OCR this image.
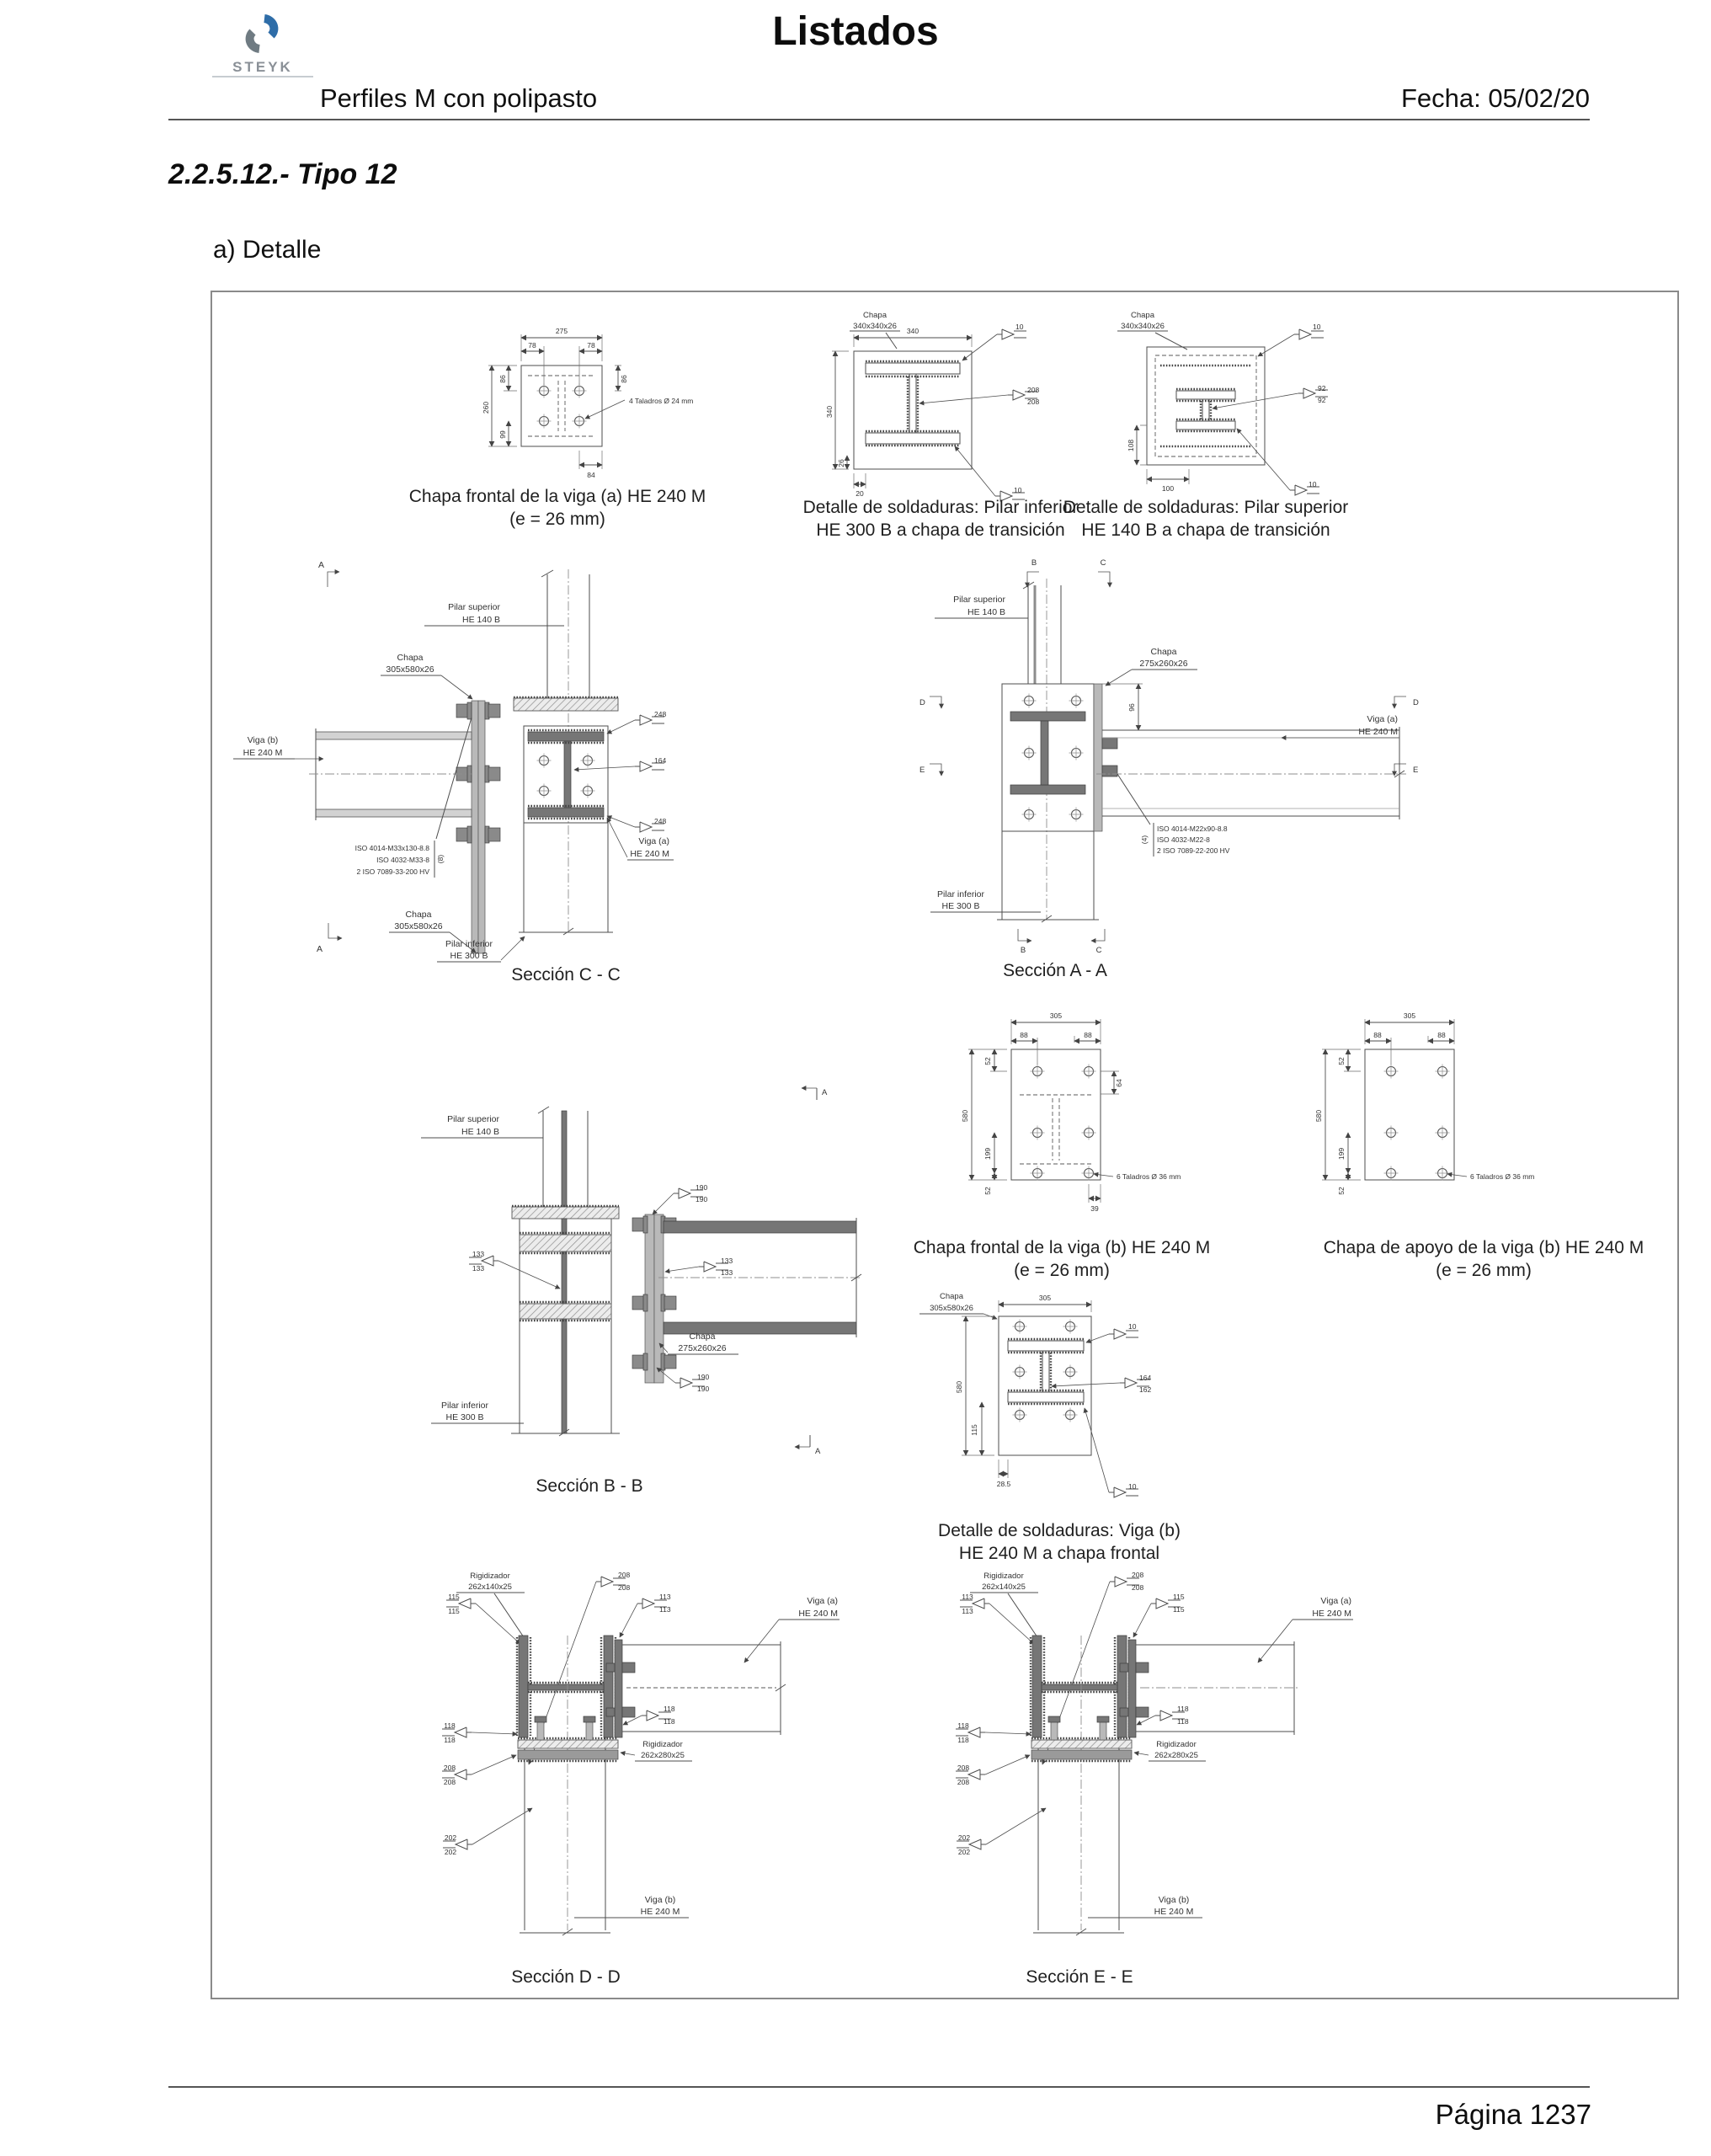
STEYK
Listados
Perfiles M con polipasto	Fecha: 05/02/20
2.2.5.12.- Tipo 12
a) Detalle
275
78	78
260
86
99
86
84
4 Taladros Ø 24 mm
Chapa
340x340x26 340
340
26
20
10
208
208
10
Chapa
340x340x26
108
100
10
92
92
10
A
Pilar superior
HE 140 B
Viga (b)
HE 240 M
248
164
248
Viga (a)
HE 240 M
ISO 4014-M33x130-8.8
ISO 4032-M33-8
2 ISO 7089-33-200 HV
(8)
Chapa
305x580x26
Chapa
305x580x26
Pilar inferior
HE 300 B
A
B	C
Pilar superior
HE 140 B
96
Chapa
275x260x26
Viga (a)
HE 240 M
D
E
D
E
ISO 4014-M22x90-8.8
ISO 4032-M22-8
2 ISO 7089-22-200 HV
(4)
Pilar inferior
HE 300 B
B	C
Pilar superior
HE 140 B
190
190
133
133
133
133
Chapa
275x260x26
190
190
Pilar inferior
HE 300 B
A
A
305
88	88
580
52
199
52
64
39
6 Taladros Ø 36 mm
305
88	88
580
52
199
52
6 Taladros Ø 36 mm
Chapa
305x580x26
305
580
115
28.5
10
164
162
10
Rigidizador
262x140x25
115
115
208
208
113
113
Viga (a)
HE 240 M
Rigidizador
262x280x25
118
118
118
118
208
208
202
202
Viga (b)
HE 240 M
Rigidizador
262x140x25
113
113
208
208
115
115
Viga (a)
HE 240 M
Rigidizador
262x280x25
118
118
118
118
208
208
202
202
Viga (b)
HE 240 M
Chapa frontal de la viga (a) HE 240 M
(e = 26 mm)
Detalle de soldaduras: Pilar inferior
HE 300 B a chapa de transición
Detalle de soldaduras: Pilar superior
HE 140 B a chapa de transición
Sección C - C	Sección A - A
Sección B - B
Chapa frontal de la viga (b) HE 240 M
(e = 26 mm)
Chapa de apoyo de la viga (b) HE 240 M
(e = 26 mm)
Detalle de soldaduras: Viga (b)
HE 240 M a chapa frontal
Sección D - D	Sección E - E
Página 1237
